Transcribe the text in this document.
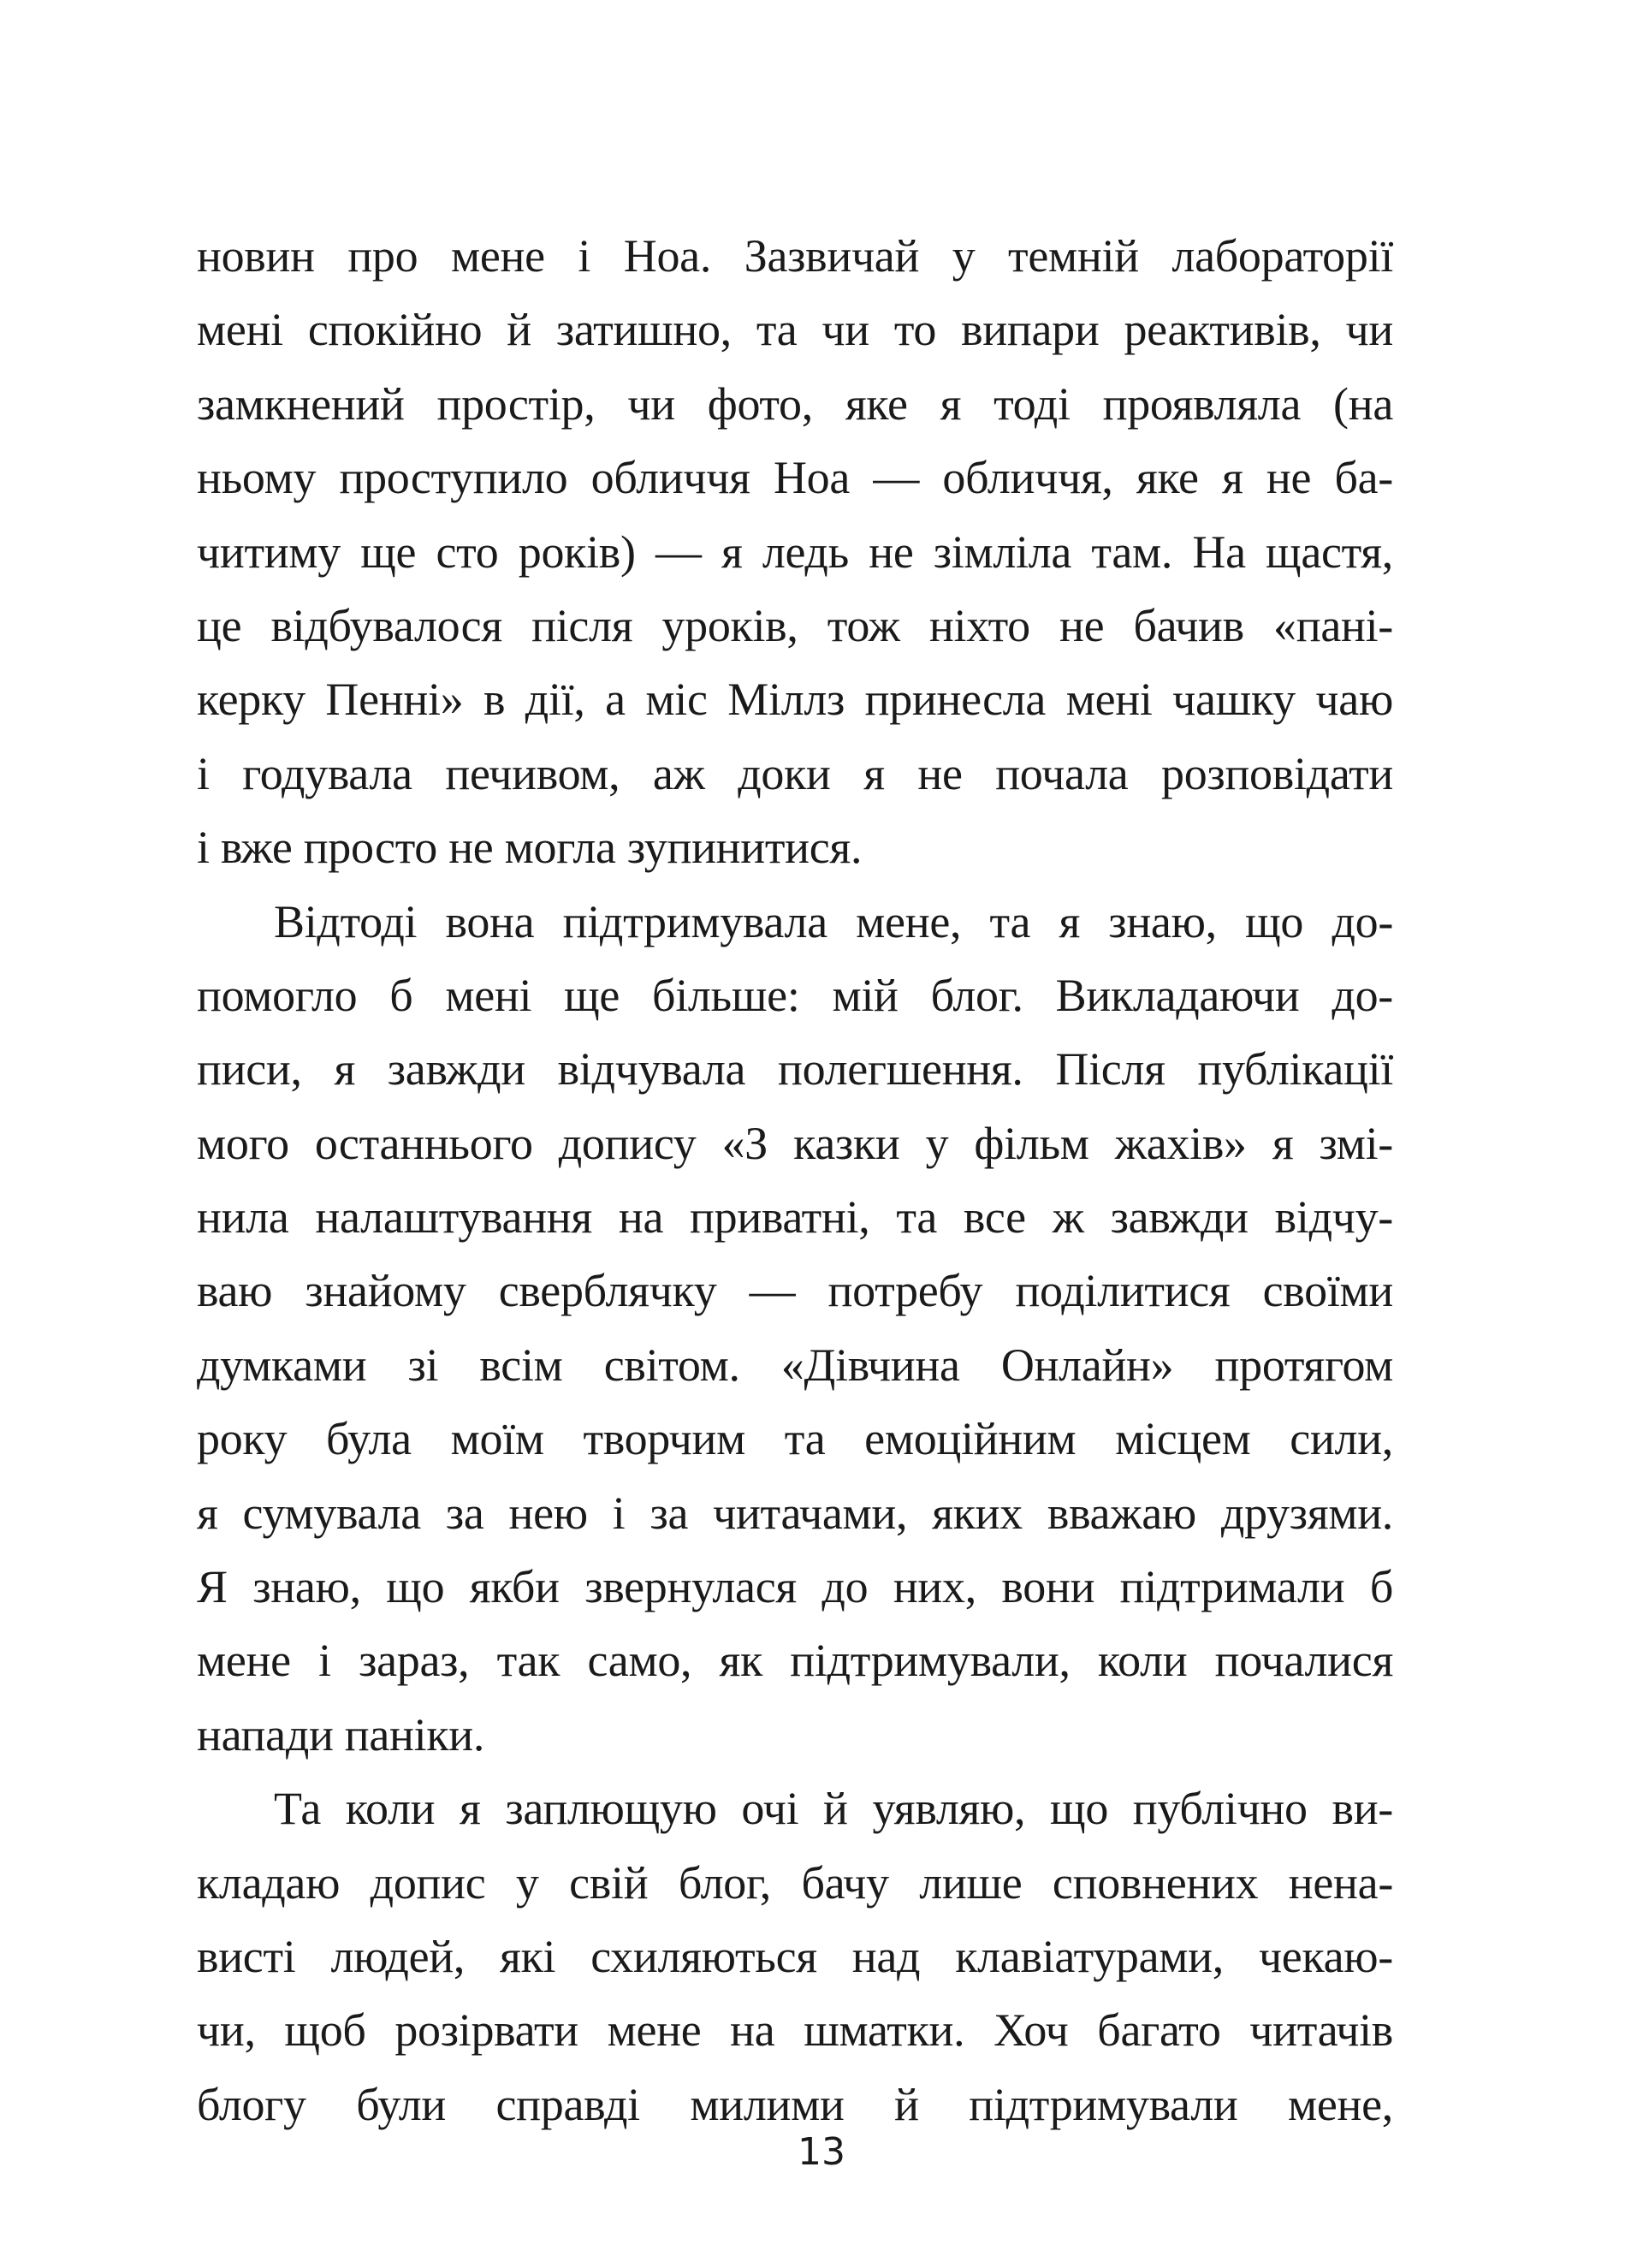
новин про мене і Ноа. Зазвичай у темній лабораторії
мені спокійно й затишно, та чи то випари реактивів, чи
замкнений простір, чи фото, яке я тоді проявляла (на
ньому проступило обличчя Ноа — обличчя, яке я не ба-
читиму ще сто років) — я ледь не зімліла там. На щастя,
це відбувалося після уроків, тож ніхто не бачив «пані-
керку Пенні» в дії, а міс Міллз принесла мені чашку чаю
і годувала печивом, аж доки я не почала розповідати
і вже просто не могла зупинитися.
Відтоді вона підтримувала мене, та я знаю, що до-
помогло б мені ще більше: мій блог. Викладаючи до-
писи, я завжди відчувала полегшення. Після публікації
мого останнього допису «З казки у фільм жахів» я змі-
нила налаштування на приватні, та все ж завжди відчу-
ваю знайому сверблячку — потребу поділитися своїми
думками зі всім світом. «Дівчина Онлайн» протягом
року була моїм творчим та емоційним місцем сили,
я сумувала за нею і за читачами, яких вважаю друзями.
Я знаю, що якби звернулася до них, вони підтримали б
мене і зараз, так само, як підтримували, коли почалися
напади паніки.
Та коли я заплющую очі й уявляю, що публічно ви-
кладаю допис у свій блог, бачу лише сповнених нена-
висті людей, які схиляються над клавіатурами, чекаю-
чи, щоб розірвати мене на шматки. Хоч багато читачів
блогу були справді милими й підтримували мене,
13
